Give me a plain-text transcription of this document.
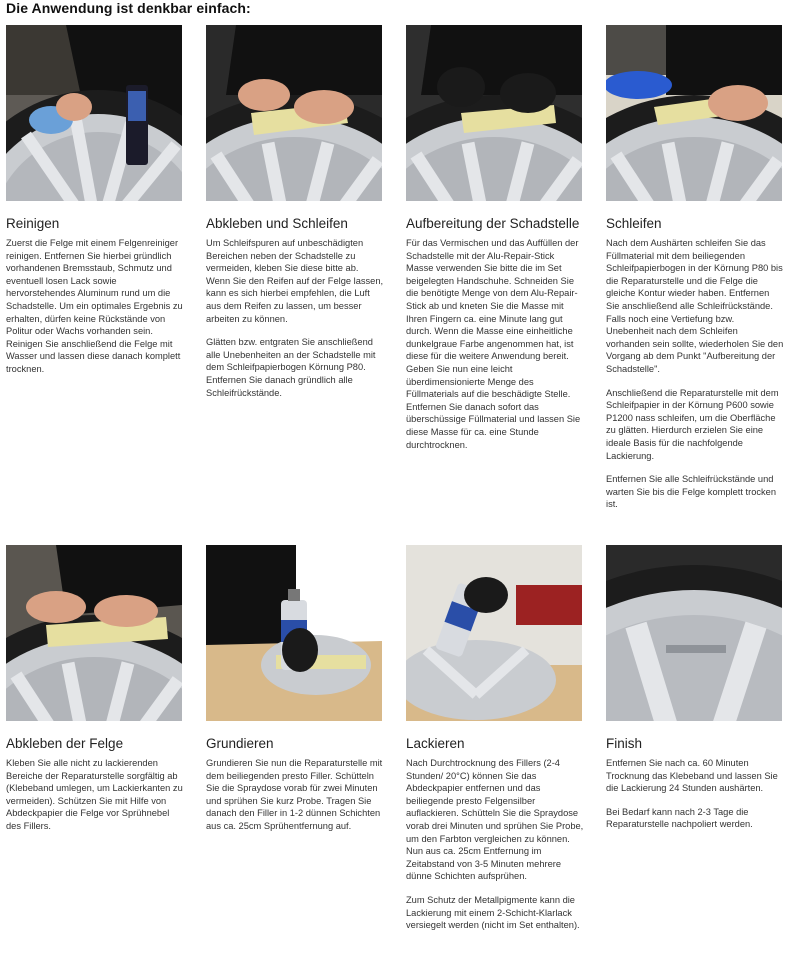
Die Anwendung ist denkbar einfach:
Reinigen

Zuerst die Felge mit einem Felgenreiniger reinigen. Entfernen Sie hierbei gründlich vorhandenen Bremsstaub, Schmutz und eventuell losen Lack sowie hervorstehendes Aluminum rund um die Schadstelle. Um ein optimales Ergebnis zu erhalten, dürfen keine Rückstände von Politur oder Wachs vorhanden sein. Reinigen Sie anschließend die Felge mit Wasser und lassen diese danach komplett trocknen.

Abkleben und Schleifen

Um Schleifspuren auf unbeschädigten Bereichen neben der Schadstelle zu vermeiden, kleben Sie diese bitte ab. Wenn Sie den Reifen auf der Felge lassen, kann es sich hierbei empfehlen, die Luft aus dem Reifen zu lassen, um besser arbeiten zu können.

Glätten bzw. entgraten Sie anschließend alle Unebenheiten an der Schadstelle mit dem Schleifpapierbogen Körnung P80. Entfernen Sie danach gründlich alle Schleifrückstände.

Aufbereitung der Schadstelle

Für das Vermischen und das Auffüllen der Schadstelle mit der Alu-Repair-Stick Masse verwenden Sie bitte die im Set beigelegten Handschuhe. Schneiden Sie die benötigte Menge von dem Alu-Repair-Stick ab und kneten Sie die Masse mit Ihren Fingern ca. eine Minute lang gut durch. Wenn die Masse eine einheitliche dunkelgraue Farbe angenommen hat, ist diese für die weitere Anwendung bereit. Geben Sie nun eine leicht überdimensionierte Menge des Füllmaterials auf die beschädigte Stelle. Entfernen Sie danach sofort das überschüssige Füllmaterial und lassen Sie diese Masse für ca. eine Stunde durchtrocknen.

Schleifen

Nach dem Aushärten schleifen Sie das Füllmaterial mit dem beiliegenden Schleifpapierbogen in der Körnung P80 bis die Reparaturstelle und die Felge die gleiche Kontur wieder haben. Entfernen Sie anschließend alle Schleifrückstände. Falls noch eine Vertiefung bzw. Unebenheit nach dem Schleifen vorhanden sein sollte, wiederholen Sie den Vorgang ab dem Punkt "Aufbereitung der Schadstelle".

Anschließend die Reparaturstelle mit dem Schleifpapier in der Körnung P600 sowie P1200 nass schleifen, um die Oberfläche zu glätten. Hierdurch erzielen Sie eine ideale Basis für die nachfolgende Lackierung.

Entfernen Sie alle Schleifrückstände und warten Sie bis die Felge komplett trocken ist.

Abkleben der Felge

Kleben Sie alle nicht zu lackierenden Bereiche der Reparaturstelle sorgfältig ab (Klebeband umlegen, um Lackierkanten zu vermeiden). Schützen Sie mit Hilfe von Abdeckpapier die Felge vor Sprühnebel des Fillers.

Grundieren

Grundieren Sie nun die Reparaturstelle mit dem beiliegenden presto Filler. Schütteln Sie die Spraydose vorab für zwei Minuten und sprühen Sie kurz Probe. Tragen Sie danach den Filler in 1-2 dünnen Schichten aus ca. 25cm Sprühentfernung auf.

Lackieren

Nach Durchtrocknung des Fillers (2-4 Stunden/ 20°C) können Sie das Abdeckpapier entfernen und das beiliegende presto Felgensilber auflackieren. Schütteln Sie die Spraydose vorab drei Minuten und sprühen Sie Probe, um den Farbton vergleichen zu können. Nun aus ca. 25cm Entfernung im Zeitabstand von 3-5 Minuten mehrere dünne Schichten aufsprühen.

Zum Schutz der Metallpigmente kann die Lackierung mit einem 2-Schicht-Klarlack versiegelt werden (nicht im Set enthalten).

Finish

Entfernen Sie nach ca. 60 Minuten Trocknung das Klebeband und lassen Sie die Lackierung 24 Stunden aushärten.

Bei Bedarf kann nach 2-3 Tage die Reparaturstelle nachpoliert werden.
